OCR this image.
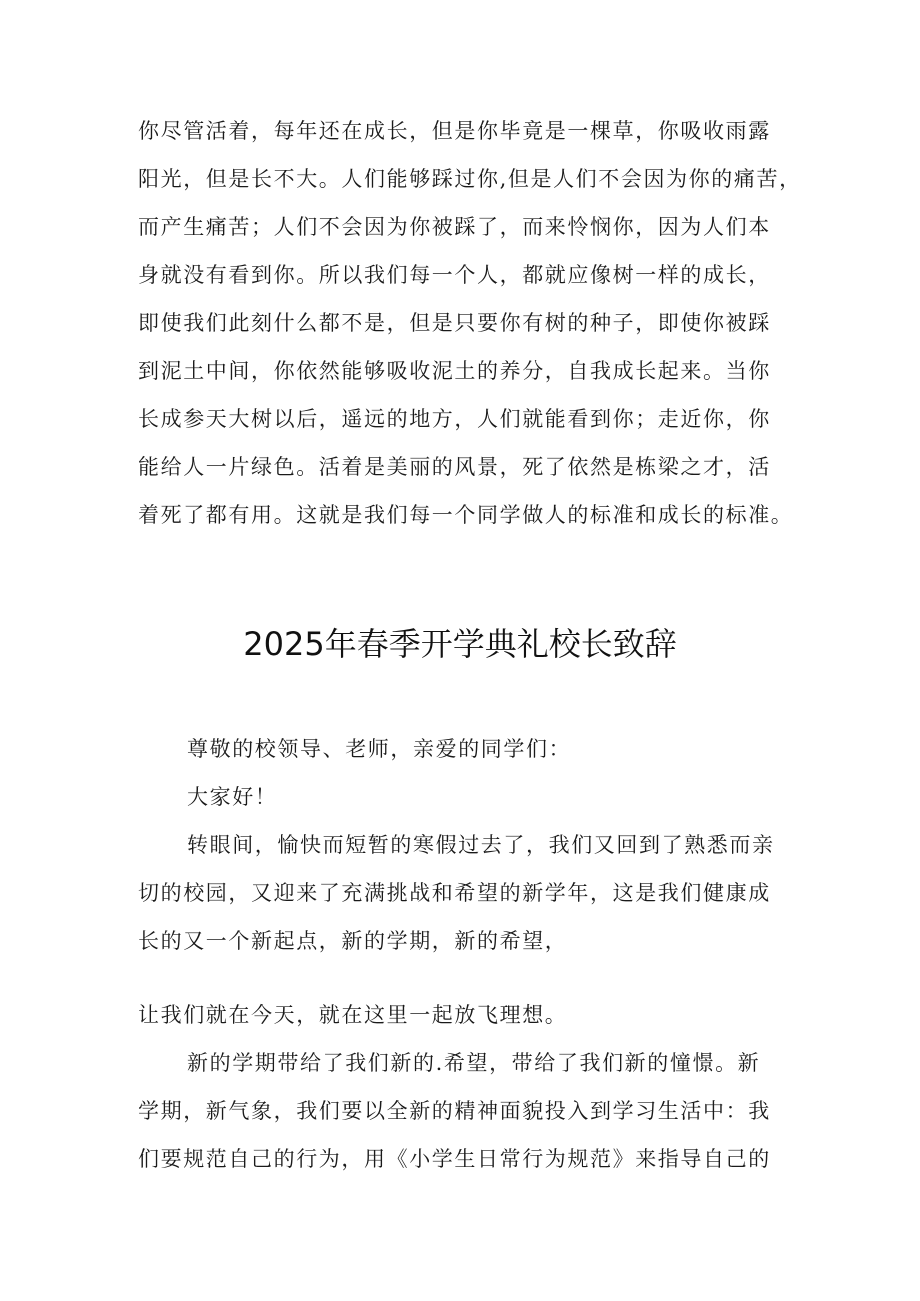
你尽管活着，每年还在成长，但是你毕竟是一棵草，你吸收雨露
阳光，但是长不大。人们能够踩过你,但是人们不会因为你的痛苦，
而产生痛苦；人们不会因为你被踩了，而来怜悯你，因为人们本
身就没有看到你。所以我们每一个人，都就应像树一样的成长，
即使我们此刻什么都不是，但是只要你有树的种子，即使你被踩
到泥土中间，你依然能够吸收泥土的养分，自我成长起来。当你
长成参天大树以后，遥远的地方，人们就能看到你；走近你，你
能给人一片绿色。活着是美丽的风景，死了依然是栋梁之才，活
着死了都有用。这就是我们每一个同学做人的标准和成长的标准。
2025年春季开学典礼校长致辞
尊敬的校领导、老师，亲爱的同学们：
大家好！
转眼间，愉快而短暂的寒假过去了，我们又回到了熟悉而亲
切的校园，又迎来了充满挑战和希望的新学年，这是我们健康成
长的又一个新起点，新的学期，新的希望，
让我们就在今天，就在这里一起放飞理想。
新的学期带给了我们新的.希望，带给了我们新的憧憬。新
学期，新气象，我们要以全新的精神面貌投入到学习生活中：我
们要规范自己的行为，用《小学生日常行为规范》来指导自己的
